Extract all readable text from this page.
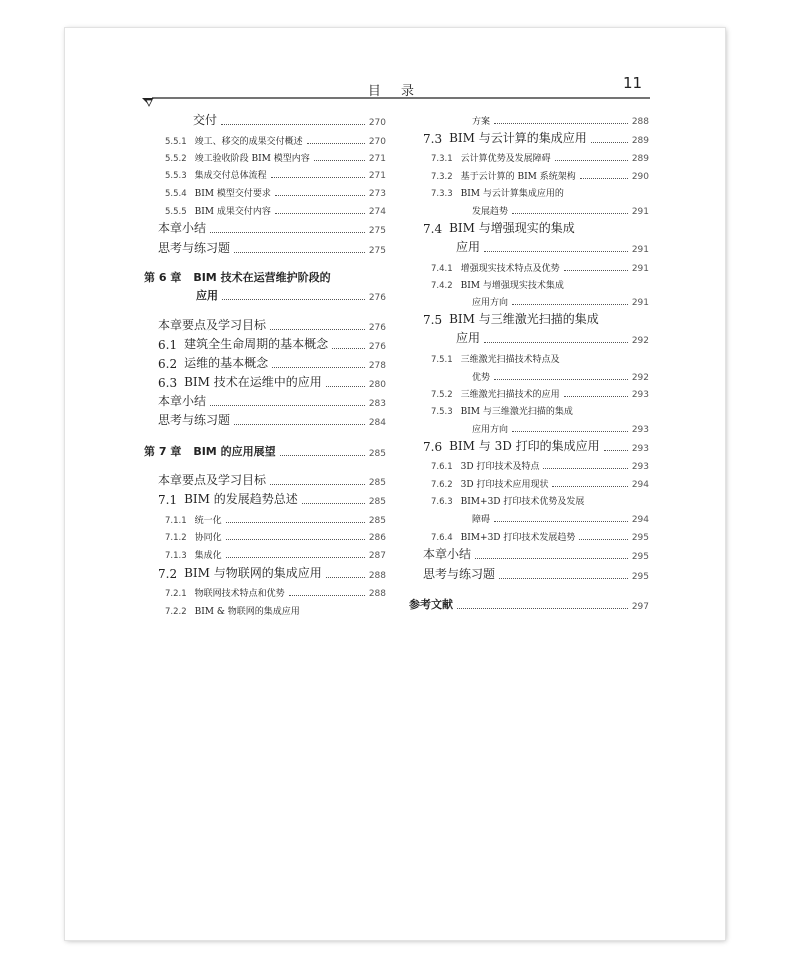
目 录	11
交付	270
5.5.1 竣工、移交的成果交付概述	270
5.5.2 竣工验收阶段 BIM 模型内容	271
5.5.3 集成交付总体流程	271
5.5.4 BIM 模型交付要求	273
5.5.5 BIM 成果交付内容	274
本章小结	275
思考与练习题	275
第 6 章 BIM 技术在运营维护阶段的
应用	276
本章要点及学习目标	276
6.1 建筑全生命周期的基本概念	276
6.2 运维的基本概念	278
6.3 BIM 技术在运维中的应用	280
本章小结	283
思考与练习题	284
第 7 章 BIM 的应用展望	285
本章要点及学习目标	285
7.1 BIM 的发展趋势总述	285
7.1.1 统一化	285
7.1.2 协同化	286
7.1.3 集成化	287
7.2 BIM 与物联网的集成应用	288
7.2.1 物联网技术特点和优势	288
7.2.2 BIM & 物联网的集成应用
方案	288
7.3 BIM 与云计算的集成应用	289
7.3.1 云计算优势及发展障碍	289
7.3.2 基于云计算的 BIM 系统架构	290
7.3.3 BIM 与云计算集成应用的
发展趋势	291
7.4 BIM 与增强现实的集成
应用	291
7.4.1 增强现实技术特点及优势	291
7.4.2 BIM 与增强现实技术集成
应用方向	291
7.5 BIM 与三维激光扫描的集成
应用	292
7.5.1 三维激光扫描技术特点及
优势	292
7.5.2 三维激光扫描技术的应用	293
7.5.3 BIM 与三维激光扫描的集成
应用方向	293
7.6 BIM 与 3D 打印的集成应用	293
7.6.1 3D 打印技术及特点	293
7.6.2 3D 打印技术应用现状	294
7.6.3 BIM+3D 打印技术优势及发展
障碍	294
7.6.4 BIM+3D 打印技术发展趋势	295
本章小结	295
思考与练习题	295
参考文献	297
